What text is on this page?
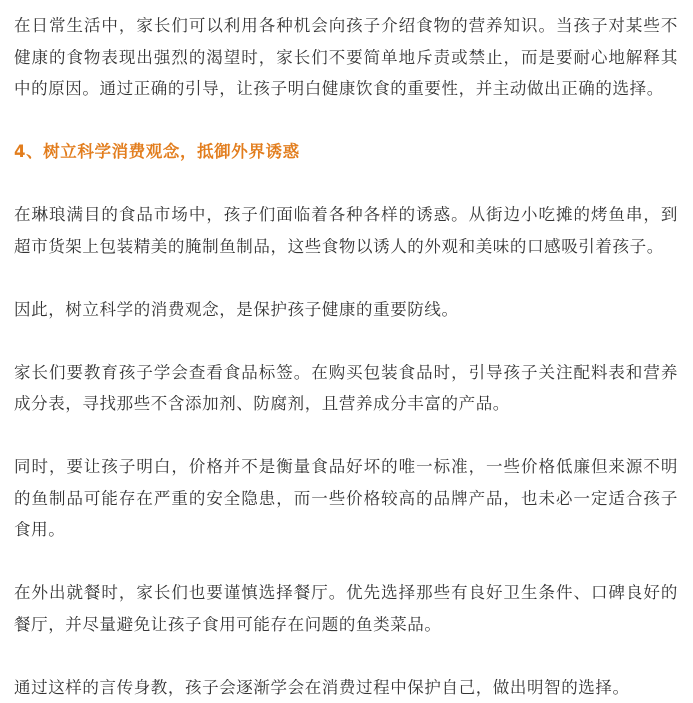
在日常生活中，家长们可以利用各种机会向孩子介绍食物的营养知识。当孩子对某些不健康的食物表现出强烈的渴望时，家长们不要简单地斥责或禁止，而是要耐心地解释其中的原因。通过正确的引导，让孩子明白健康饮食的重要性，并主动做出正确的选择。

4、树立科学消费观念，抵御外界诱惑

在琳琅满目的食品市场中，孩子们面临着各种各样的诱惑。从街边小吃摊的烤鱼串，到超市货架上包装精美的腌制鱼制品，这些食物以诱人的外观和美味的口感吸引着孩子。

因此，树立科学的消费观念，是保护孩子健康的重要防线。

家长们要教育孩子学会查看食品标签。在购买包装食品时，引导孩子关注配料表和营养成分表，寻找那些不含添加剂、防腐剂，且营养成分丰富的产品。

同时，要让孩子明白，价格并不是衡量食品好坏的唯一标准，一些价格低廉但来源不明的鱼制品可能存在严重的安全隐患，而一些价格较高的品牌产品，也未必一定适合孩子食用。

在外出就餐时，家长们也要谨慎选择餐厅。优先选择那些有良好卫生条件、口碑良好的餐厅，并尽量避免让孩子食用可能存在问题的鱼类菜品。

通过这样的言传身教，孩子会逐渐学会在消费过程中保护自己，做出明智的选择。
